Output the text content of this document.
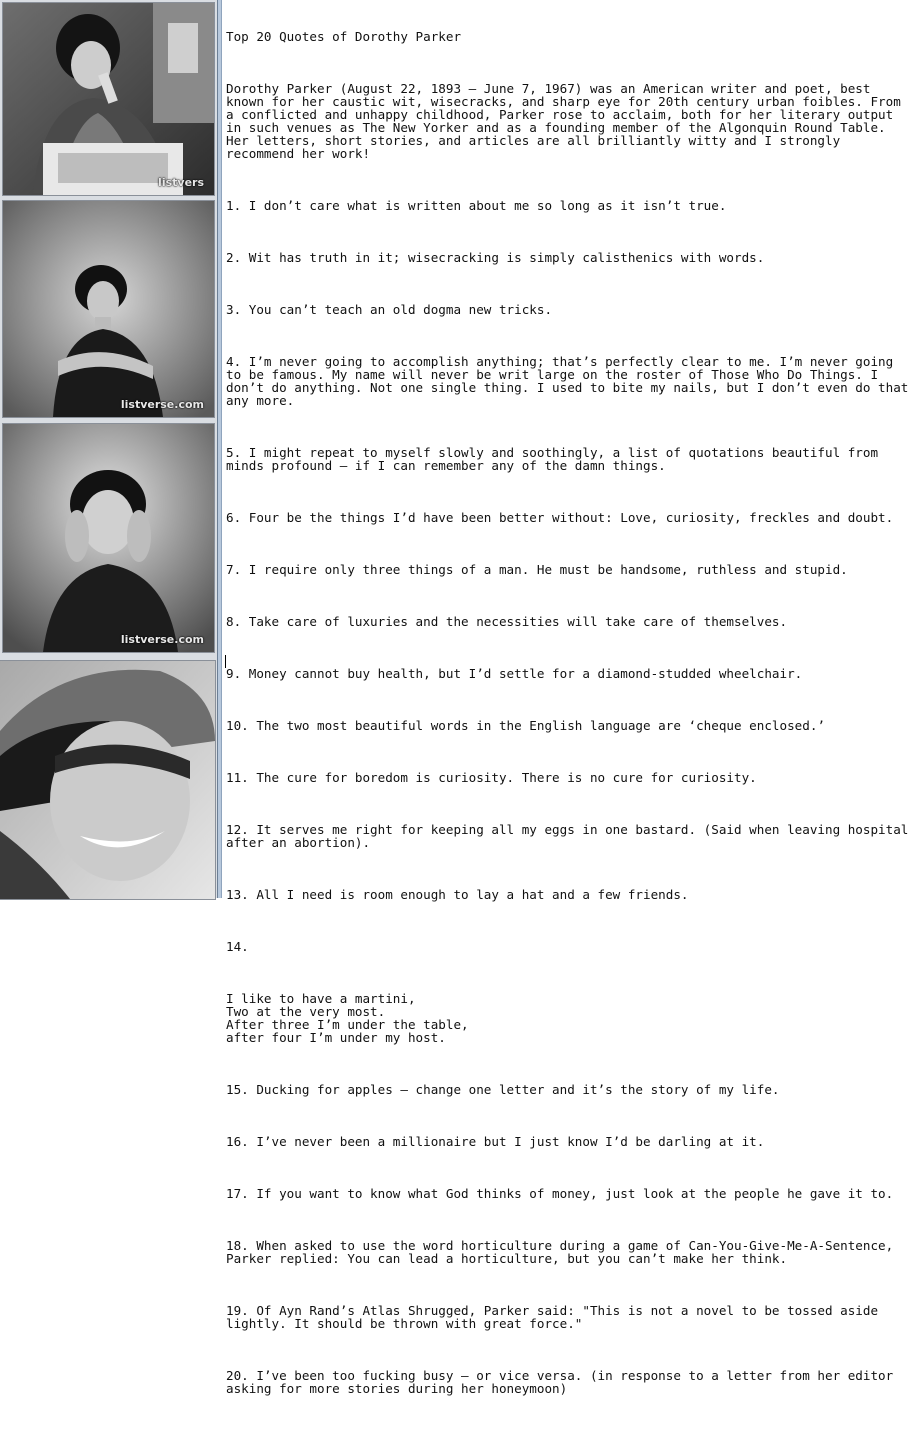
listvers
listverse.com
listverse.com

Top 20 Quotes of Dorothy Parker

Dorothy Parker (August 22, 1893 – June 7, 1967) was an American writer and poet, best known for her caustic wit, wisecracks, and sharp eye for 20th century urban foibles. From a conflicted and unhappy childhood, Parker rose to acclaim, both for her literary output in such venues as The New Yorker and as a founding member of the Algonquin Round Table. Her letters, short stories, and articles are all brilliantly witty and I strongly recommend her work!

1. I don’t care what is written about me so long as it isn’t true.

2. Wit has truth in it; wisecracking is simply calisthenics with words.

3. You can’t teach an old dogma new tricks.

4. I’m never going to accomplish anything; that’s perfectly clear to me. I’m never going to be famous. My name will never be writ large on the roster of Those Who Do Things. I don’t do anything. Not one single thing. I used to bite my nails, but I don’t even do that any more.

5. I might repeat to myself slowly and soothingly, a list of quotations beautiful from minds profound — if I can remember any of the damn things.

6. Four be the things I’d have been better without: Love, curiosity, freckles and doubt.

7. I require only three things of a man. He must be handsome, ruthless and stupid.

8. Take care of luxuries and the necessities will take care of themselves.

9. Money cannot buy health, but I’d settle for a diamond-studded wheelchair.

10. The two most beautiful words in the English language are ‘cheque enclosed.’

11. The cure for boredom is curiosity. There is no cure for curiosity.

12. It serves me right for keeping all my eggs in one bastard. (Said when leaving hospital after an abortion).

13. All I need is room enough to lay a hat and a few friends.

14.

I like to have a martini,
Two at the very most.
After three I’m under the table,
after four I’m under my host.

15. Ducking for apples — change one letter and it’s the story of my life.

16. I’ve never been a millionaire but I just know I’d be darling at it.

17. If you want to know what God thinks of money, just look at the people he gave it to.

18. When asked to use the word horticulture during a game of Can-You-Give-Me-A-Sentence, Parker replied: You can lead a horticulture, but you can’t make her think.

19. Of Ayn Rand’s Atlas Shrugged, Parker said: "This is not a novel to be tossed aside lightly. It should be thrown with great force."

20. I’ve been too fucking busy – or vice versa. (in response to a letter from her editor asking for more stories during her honeymoon)
